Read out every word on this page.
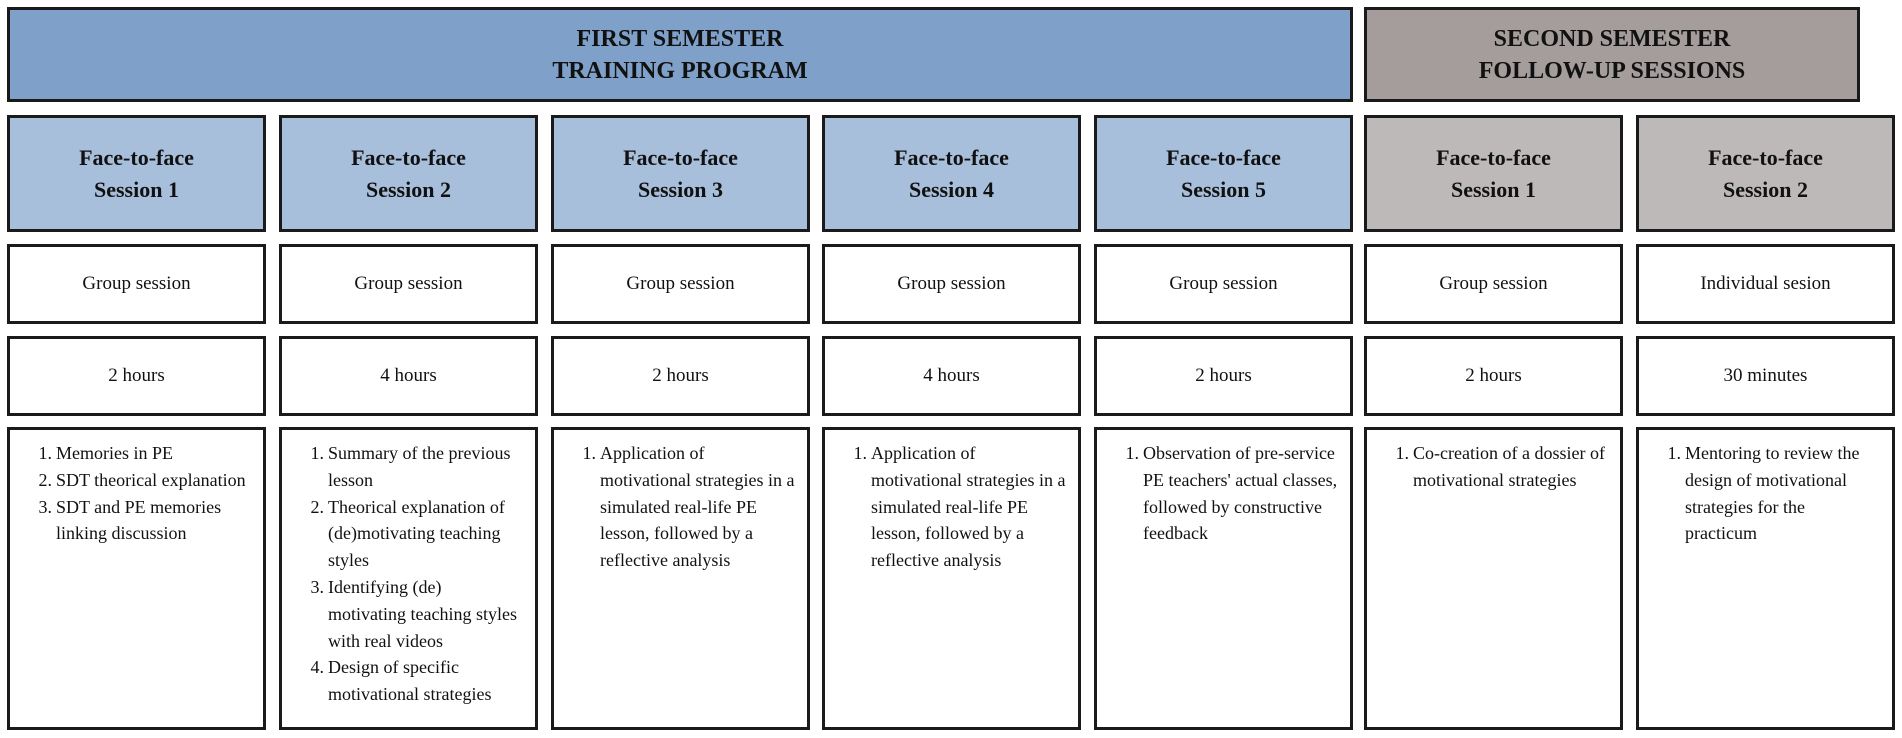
FIRST SEMESTER
TRAINING PROGRAM
SECOND SEMESTER
FOLLOW-UP SESSIONS
Face-to-face
Session 1
Group session
2 hours
1. Memories in PE
2. SDT theorical explanation
3. SDT and PE memories linking discussion
Face-to-face
Session 2
Group session
4 hours
1. Summary of the previous lesson
2. Theorical explanation of (de)motivating teaching styles
3. Identifying (de) motivating teaching styles with real videos
4. Design of specific motivational strategies
Face-to-face
Session 3
Group session
2 hours
1. Application of motivational strategies in a simulated real-life PE lesson, followed by a reflective analysis
Face-to-face
Session 4
Group session
4 hours
1. Application of motivational strategies in a simulated real-life PE lesson, followed by a reflective analysis
Face-to-face
Session 5
Group session
2 hours
1. Observation of pre-service PE teachers' actual classes, followed by constructive feedback
Face-to-face
Session 1
Group session
2 hours
1. Co-creation of a dossier of motivational strategies
Face-to-face
Session 2
Individual sesion
30 minutes
1. Mentoring to review the design of motivational strategies for the practicum
